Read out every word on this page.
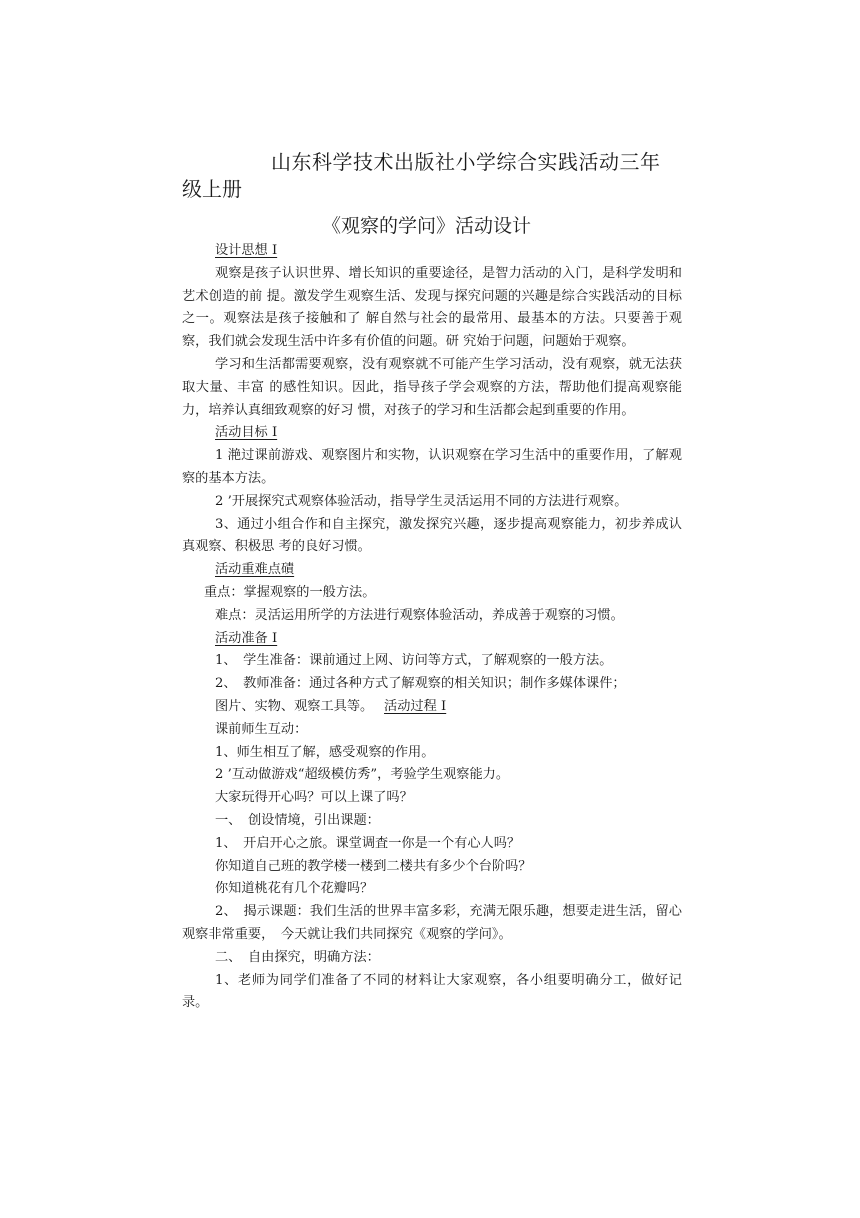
山东科学技术出版社小学综合实践活动三年
级上册
《观察的学问》活动设计
设计思想 I

观察是孩子认识世界、增长知识的重要途径，是智力活动的入门，是科学发明和艺术创造的前 提。激发学生观察生活、发现与探究问题的兴趣是综合实践活动的目标之一。观察法是孩子接触和了 解自然与社会的最常用、最基本的方法。只要善于观察，我们就会发现生活中许多有价值的问题。研 究始于问题，问题始于观察。

学习和生活都需要观察，没有观察就不可能产生学习活动，没有观察，就无法获取大量、丰富 的感性知识。因此，指导孩子学会观察的方法，帮助他们提高观察能力，培养认真细致观察的好习 惯，对孩子的学习和生活都会起到重要的作用。

活动目标 I

1 滟过课前游戏、观察图片和实物，认识观察在学习生活中的重要作用，了解观察的基本方法。

2 ’开展探究式观察体验活动，指导学生灵活运用不同的方法进行观察。

3、通过小组合作和自主探究，激发探究兴趣，逐步提高观察能力，初步养成认真观察、积极思 考的良好习惯。

活动重难点磧

重点：掌握观察的一般方法。

难点：灵活运用所学的方法进行观察体验活动，养成善于观察的习惯。

活动准备 I

1、　学生准备：课前通过上网、访问等方式，了解观察的一般方法。

2、　教师准备：通过各种方式了解观察的相关知识；制作多媒体课件；

图片、实物、观察工具等。　 活动过程 I

课前师生互动：

1、师生相互了解，感受观察的作用。

2 ’互动做游戏“超级模仿秀”，考验学生观察能力。

大家玩得开心吗？可以上课了吗？

一、　创设情境，引出课题：

1、　开启开心之旅。课堂调査一你是一个有心人吗？

你知道自己班的教学楼一楼到二楼共有多少个台阶吗？

你知道桃花有几个花瓣吗？

2、　揭示课题：我们生活的世界丰富多彩，充满无限乐趣，想要走进生活，留心观察非常重要，　今天就让我们共同探究《观察的学问》。

二、　自由探究，明确方法：

1、老师为同学们准备了不同的材料让大家观察，各小组要明确分工，做好记录。
